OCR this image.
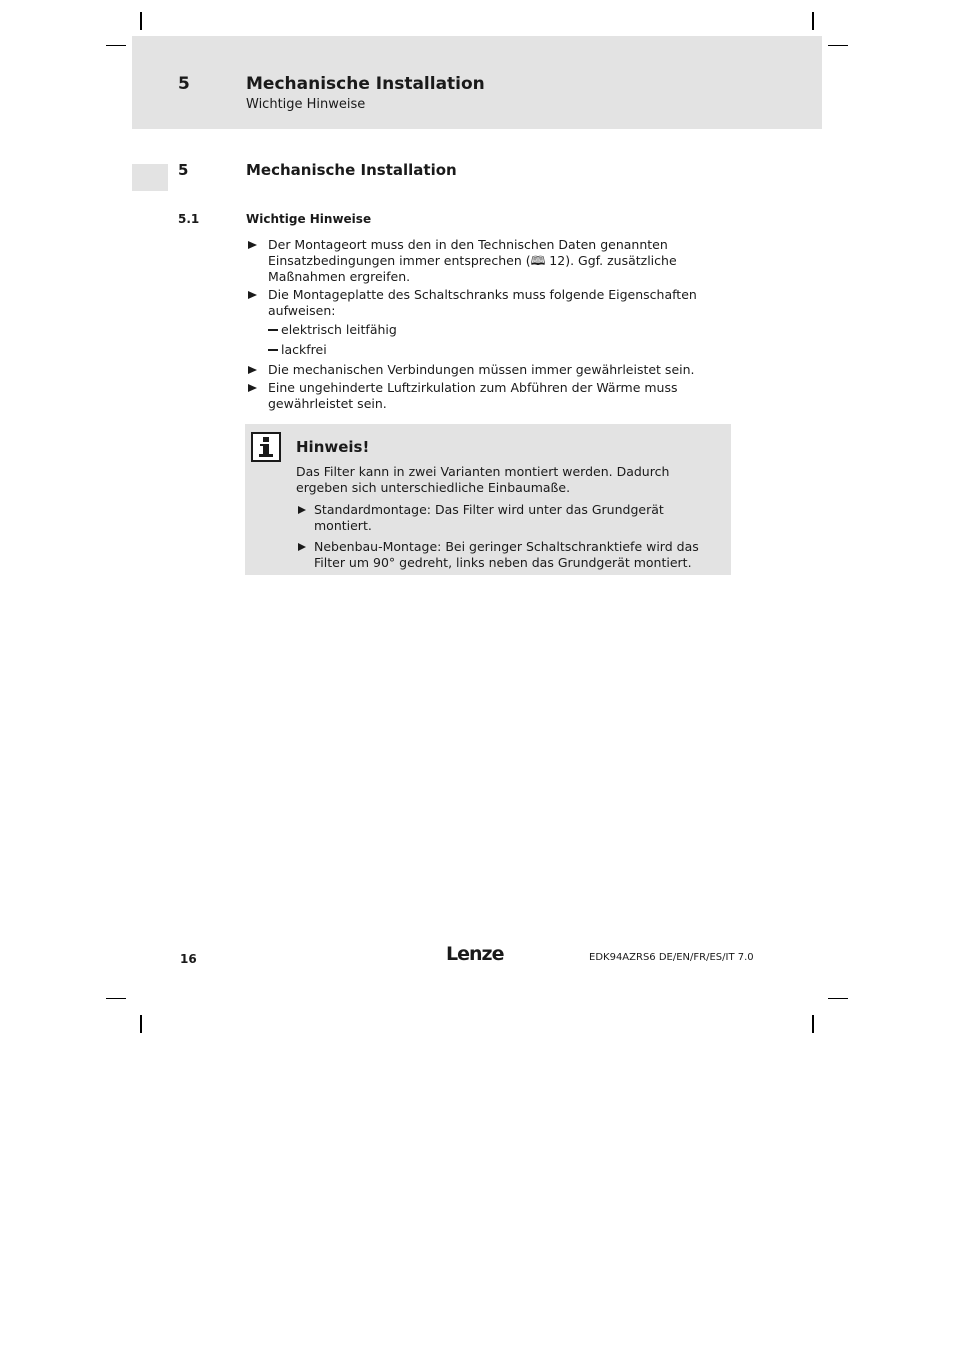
5	Mechanische Installation
Wichtige Hinweise
5	Mechanische Installation
5.1	Wichtige Hinweise
Der Montageort muss den in den Technischen Daten genannten Einsatzbedingungen immer entsprechen (🕮 12). Ggf. zusätzliche Maßnahmen ergreifen.
Die Montageplatte des Schaltschranks muss folgende Eigenschaften aufweisen:
elektrisch leitfähig
lackfrei
Die mechanischen Verbindungen müssen immer gewährleistet sein.
Eine ungehinderte Luftzirkulation zum Abführen der Wärme muss gewährleistet sein.
Hinweis!
Das Filter kann in zwei Varianten montiert werden. Dadurch ergeben sich unterschiedliche Einbaumaße.
Standardmontage: Das Filter wird unter das Grundgerät montiert.
Nebenbau-Montage: Bei geringer Schaltschranktiefe wird das Filter um 90° gedreht, links neben das Grundgerät montiert.
16	Lenze	EDK94AZRS6 DE/EN/FR/ES/IT 7.0
